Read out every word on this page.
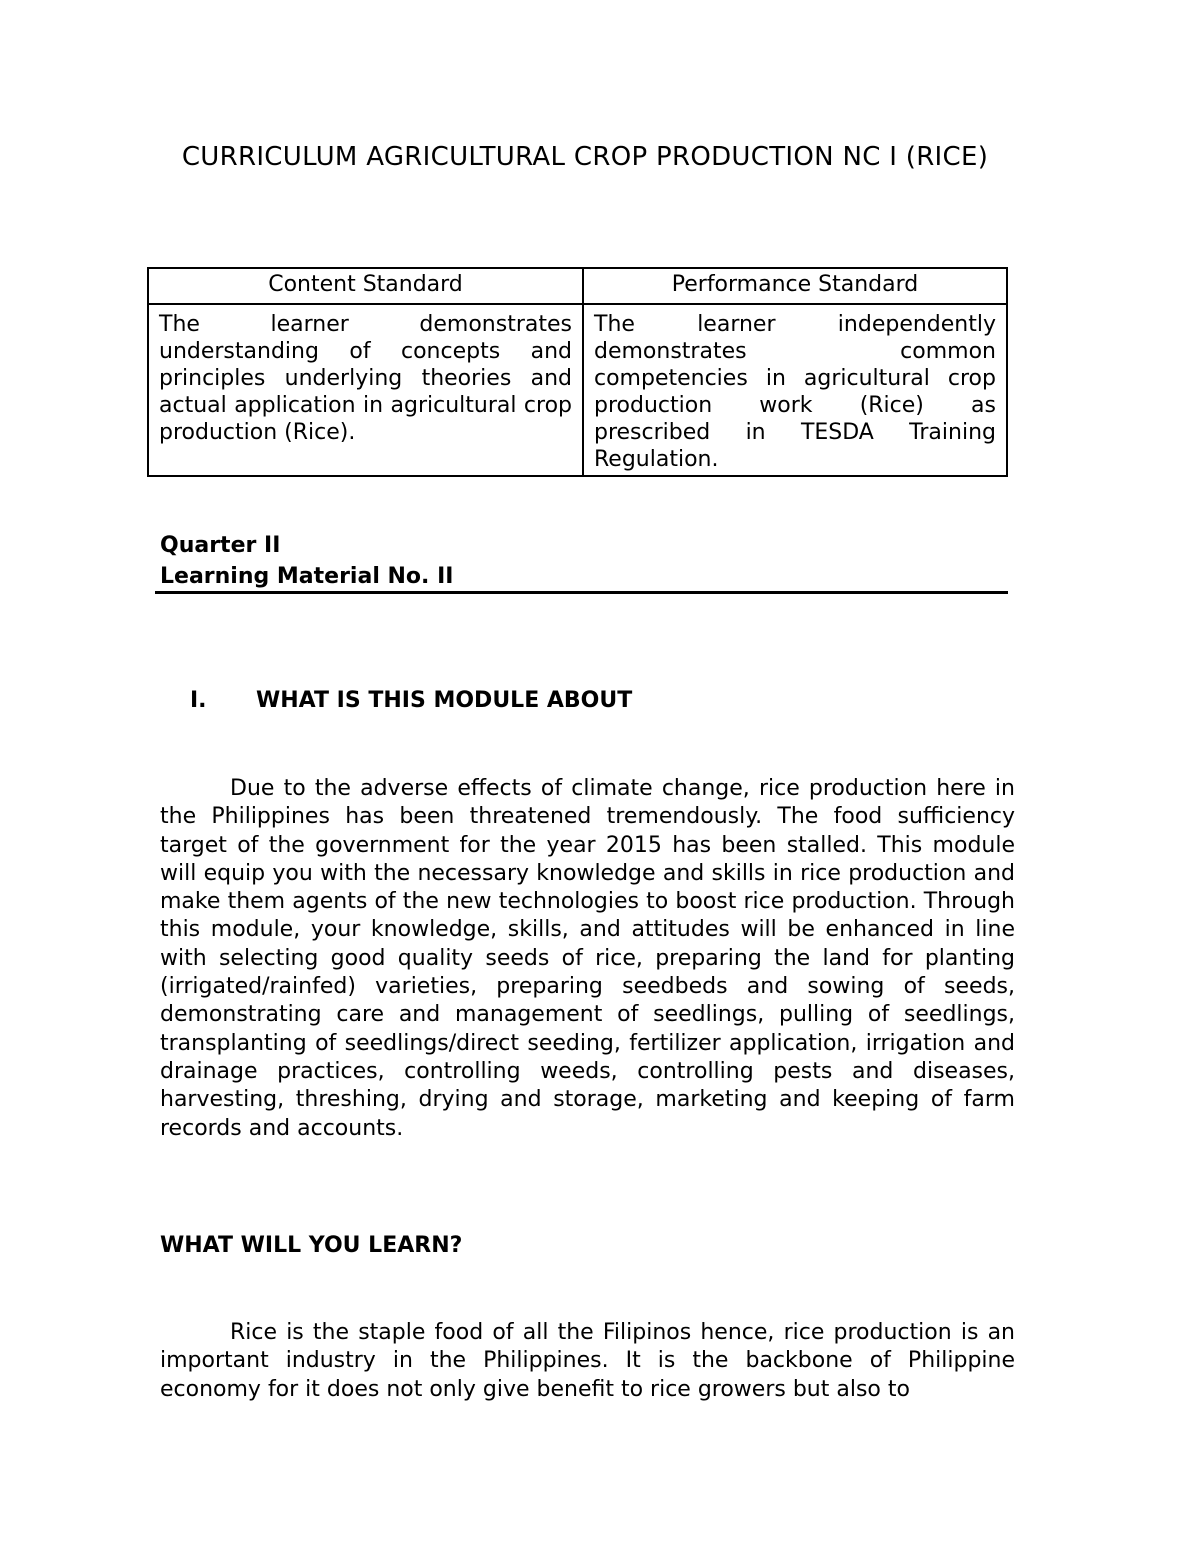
CURRICULUM AGRICULTURAL CROP PRODUCTION NC I (RICE)
Content Standard	Performance Standard
The learner demonstrates understanding of concepts and principles underlying theories and actual application in agricultural crop production (Rice).	The learner independently demonstrates common competencies in agricultural crop production work (Rice) as prescribed in TESDA Training Regulation.
Quarter II
Learning Material No. II
I. WHAT IS THIS MODULE ABOUT
Due to the adverse effects of climate change, rice production here in the Philippines has been threatened tremendously. The food sufficiency target of the government for the year 2015 has been stalled. This module will equip you with the necessary knowledge and skills in rice production and make them agents of the new technologies to boost rice production. Through this module, your knowledge, skills, and attitudes will be enhanced in line with selecting good quality seeds of rice, preparing the land for planting (irrigated/rainfed) varieties, preparing seedbeds and sowing of seeds, demonstrating care and management of seedlings, pulling of seedlings, transplanting of seedlings/direct seeding, fertilizer application, irrigation and drainage practices, controlling weeds, controlling pests and diseases, harvesting, threshing, drying and storage, marketing and keeping of farm records and accounts.
WHAT WILL YOU LEARN?
Rice is the staple food of all the Filipinos hence, rice production is an important industry in the Philippines. It is the backbone of Philippine economy for it does not only give benefit to rice growers but also to
